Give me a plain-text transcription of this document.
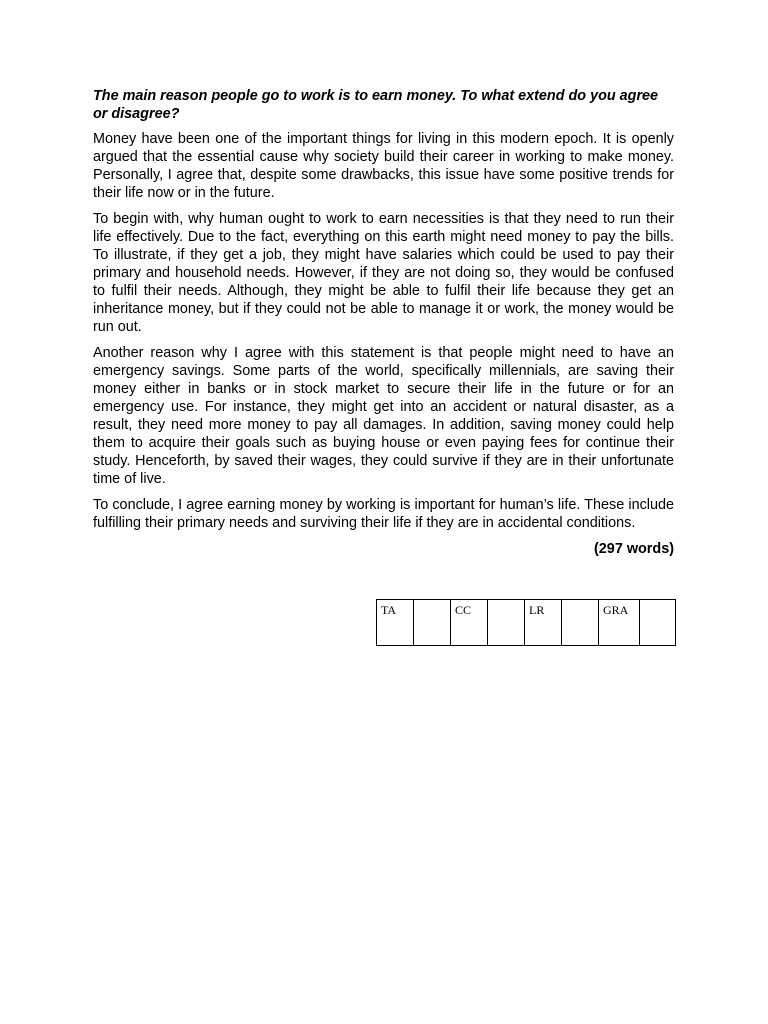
The main reason people go to work is to earn money. To what extend do you agree or disagree?

Money have been one of the important things for living in this modern epoch. It is openly argued that the essential cause why society build their career in working to make money. Personally, I agree that, despite some drawbacks, this issue have some positive trends for their life now or in the future.

To begin with, why human ought to work to earn necessities is that they need to run their life effectively. Due to the fact, everything on this earth might need money to pay the bills. To illustrate, if they get a job, they might have salaries which could be used to pay their primary and household needs. However, if they are not doing so, they would be confused to fulfil their needs. Although, they might be able to fulfil their life because they get an inheritance money, but if they could not be able to manage it or work, the money would be run out.

Another reason why I agree with this statement is that people might need to have an emergency savings. Some parts of the world, specifically millennials, are saving their money either in banks or in stock market to secure their life in the future or for an emergency use. For instance, they might get into an accident or natural disaster, as a result, they need more money to pay all damages. In addition, saving money could help them to acquire their goals such as buying house or even paying fees for continue their study. Henceforth, by saved their wages, they could survive if they are in their unfortunate time of live.

To conclude, I agree earning money by working is important for human’s life. These include fulfilling their primary needs and surviving their life if they are in accidental conditions.

(297 words)

TA		CC		LR		GRA	
